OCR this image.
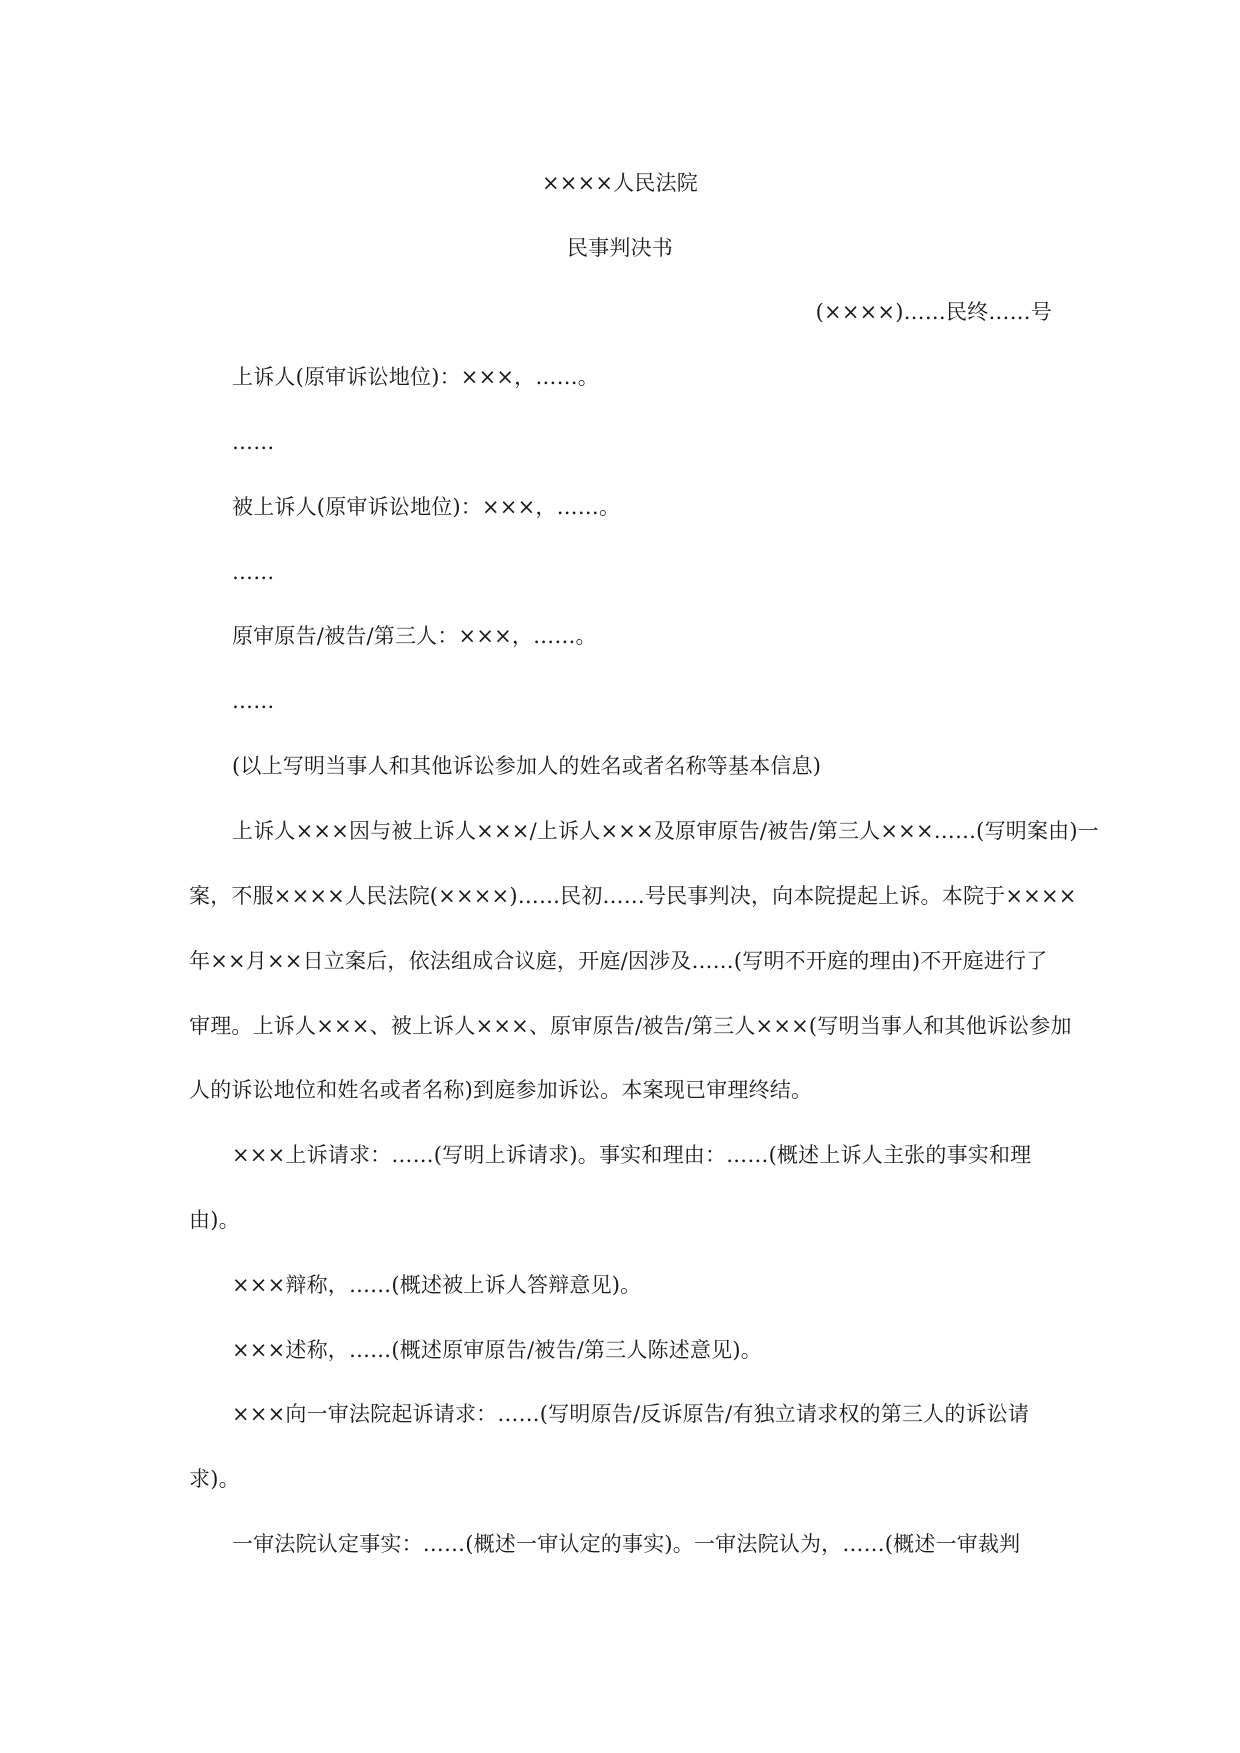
××××人民法院
民事判决书
(××××)……民终……号
上诉人(原审诉讼地位)：×××，……。
……
被上诉人(原审诉讼地位)：×××，……。
……
原审原告/被告/第三人：×××，……。
……
(以上写明当事人和其他诉讼参加人的姓名或者名称等基本信息)
上诉人×××因与被上诉人×××/上诉人×××及原审原告/被告/第三人×××……(写明案由)一
案，不服××××人民法院(××××)……民初……号民事判决，向本院提起上诉。本院于××××
年××月××日立案后，依法组成合议庭，开庭/因涉及……(写明不开庭的理由)不开庭进行了
审理。上诉人×××、被上诉人×××、原审原告/被告/第三人×××(写明当事人和其他诉讼参加
人的诉讼地位和姓名或者名称)到庭参加诉讼。本案现已审理终结。
×××上诉请求：……(写明上诉请求)。事实和理由：……(概述上诉人主张的事实和理
由)。
×××辩称，……(概述被上诉人答辩意见)。
×××述称，……(概述原审原告/被告/第三人陈述意见)。
×××向一审法院起诉请求：……(写明原告/反诉原告/有独立请求权的第三人的诉讼请
求)。
一审法院认定事实：……(概述一审认定的事实)。一审法院认为，……(概述一审裁判
